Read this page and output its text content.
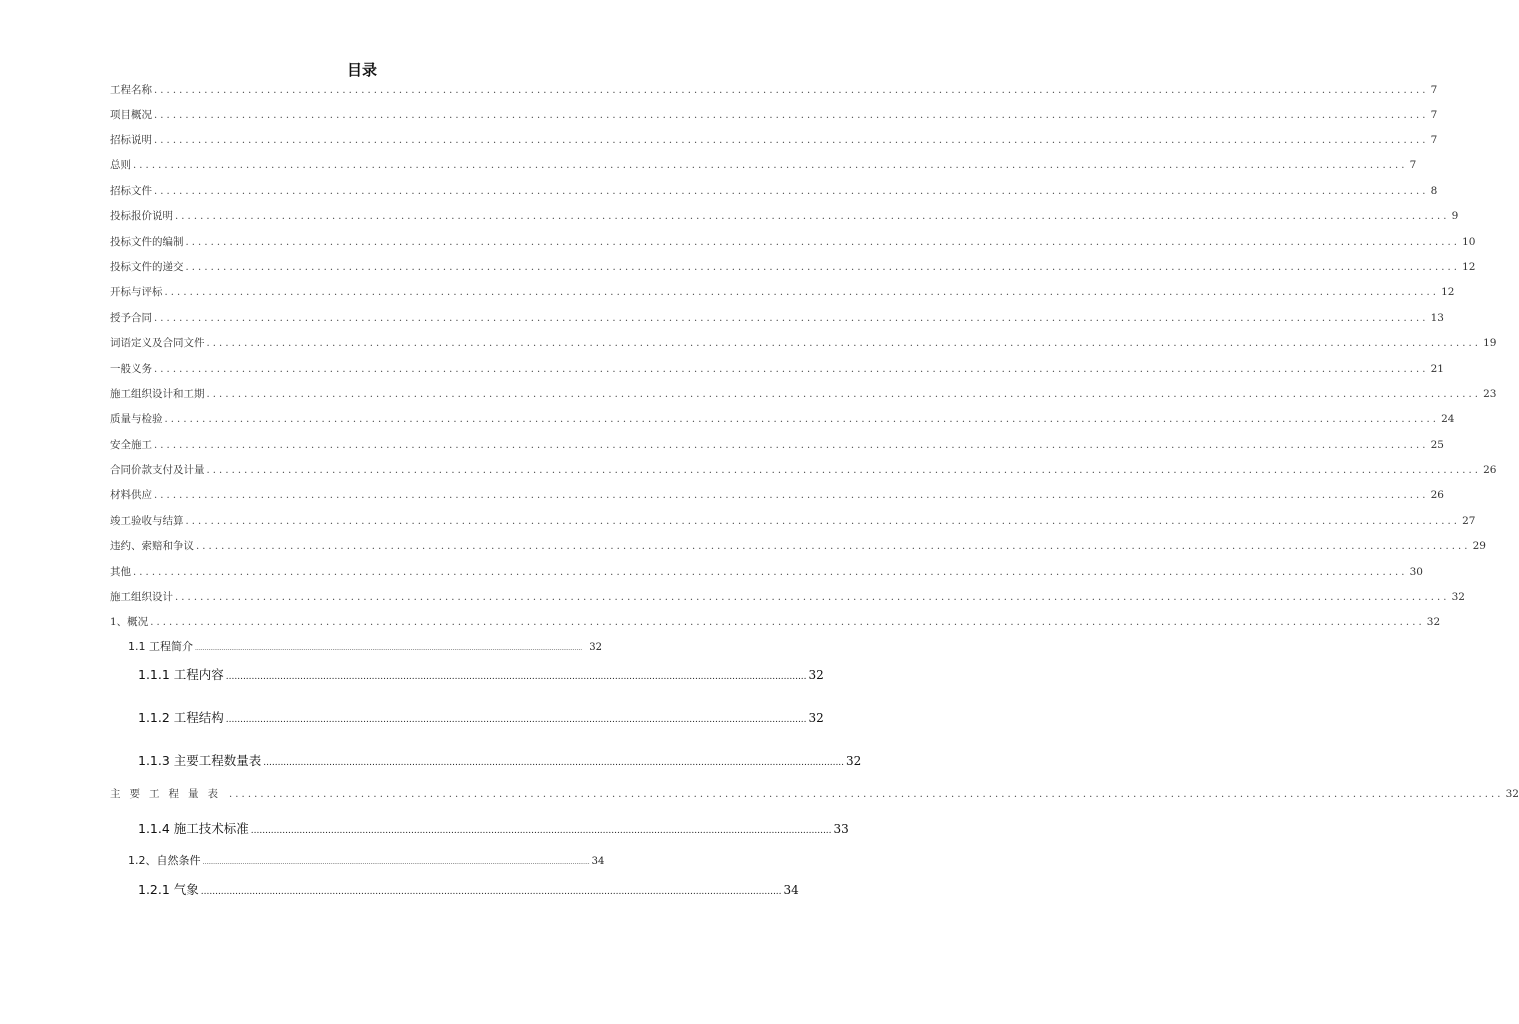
目录
工程名称 ........................................................................................................................................................................................................... 7
项目概况 ........................................................................................................................................................................................................... 7
招标说明 ........................................................................................................................................................................................................... 7
总则 ........................................................................................................................................................................................................... 7
招标文件 ........................................................................................................................................................................................................... 8
投标报价说明 ........................................................................................................................................................................................................... 9
投标文件的编制 ........................................................................................................................................................................................................... 10
投标文件的递交 ........................................................................................................................................................................................................... 12
开标与评标 ........................................................................................................................................................................................................... 12
授予合同 ........................................................................................................................................................................................................... 13
词语定义及合同文件 ........................................................................................................................................................................................................... 19
一般义务 ........................................................................................................................................................................................................... 21
施工组织设计和工期 ........................................................................................................................................................................................................... 23
质量与检验 ........................................................................................................................................................................................................... 24
安全施工 ........................................................................................................................................................................................................... 25
合同价款支付及计量 ........................................................................................................................................................................................................... 26
材料供应 ........................................................................................................................................................................................................... 26
竣工验收与结算 ........................................................................................................................................................................................................... 27
违约、索赔和争议 ........................................................................................................................................................................................................... 29
其他 ........................................................................................................................................................................................................... 30
施工组织设计 ........................................................................................................................................................................................................... 32
1、概况 ........................................................................................................................................................................................................... 32
1.1 工程简介 ........................................................................................................................................................................................................... 32
1.1.1 工程内容 ........................................................................................................................................................................................................... 32
1.1.2 工程结构 ........................................................................................................................................................................................................... 32
1.1.3 主要工程数量表 ........................................................................................................................................................................................................... 32
主要工程量表 ........................................................................................................................................................................................................... 32
1.1.4 施工技术标准 ........................................................................................................................................................................................................... 33
1.2、自然条件 ........................................................................................................................................................................................................... 34
1.2.1 气象 ........................................................................................................................................................................................................... 34
